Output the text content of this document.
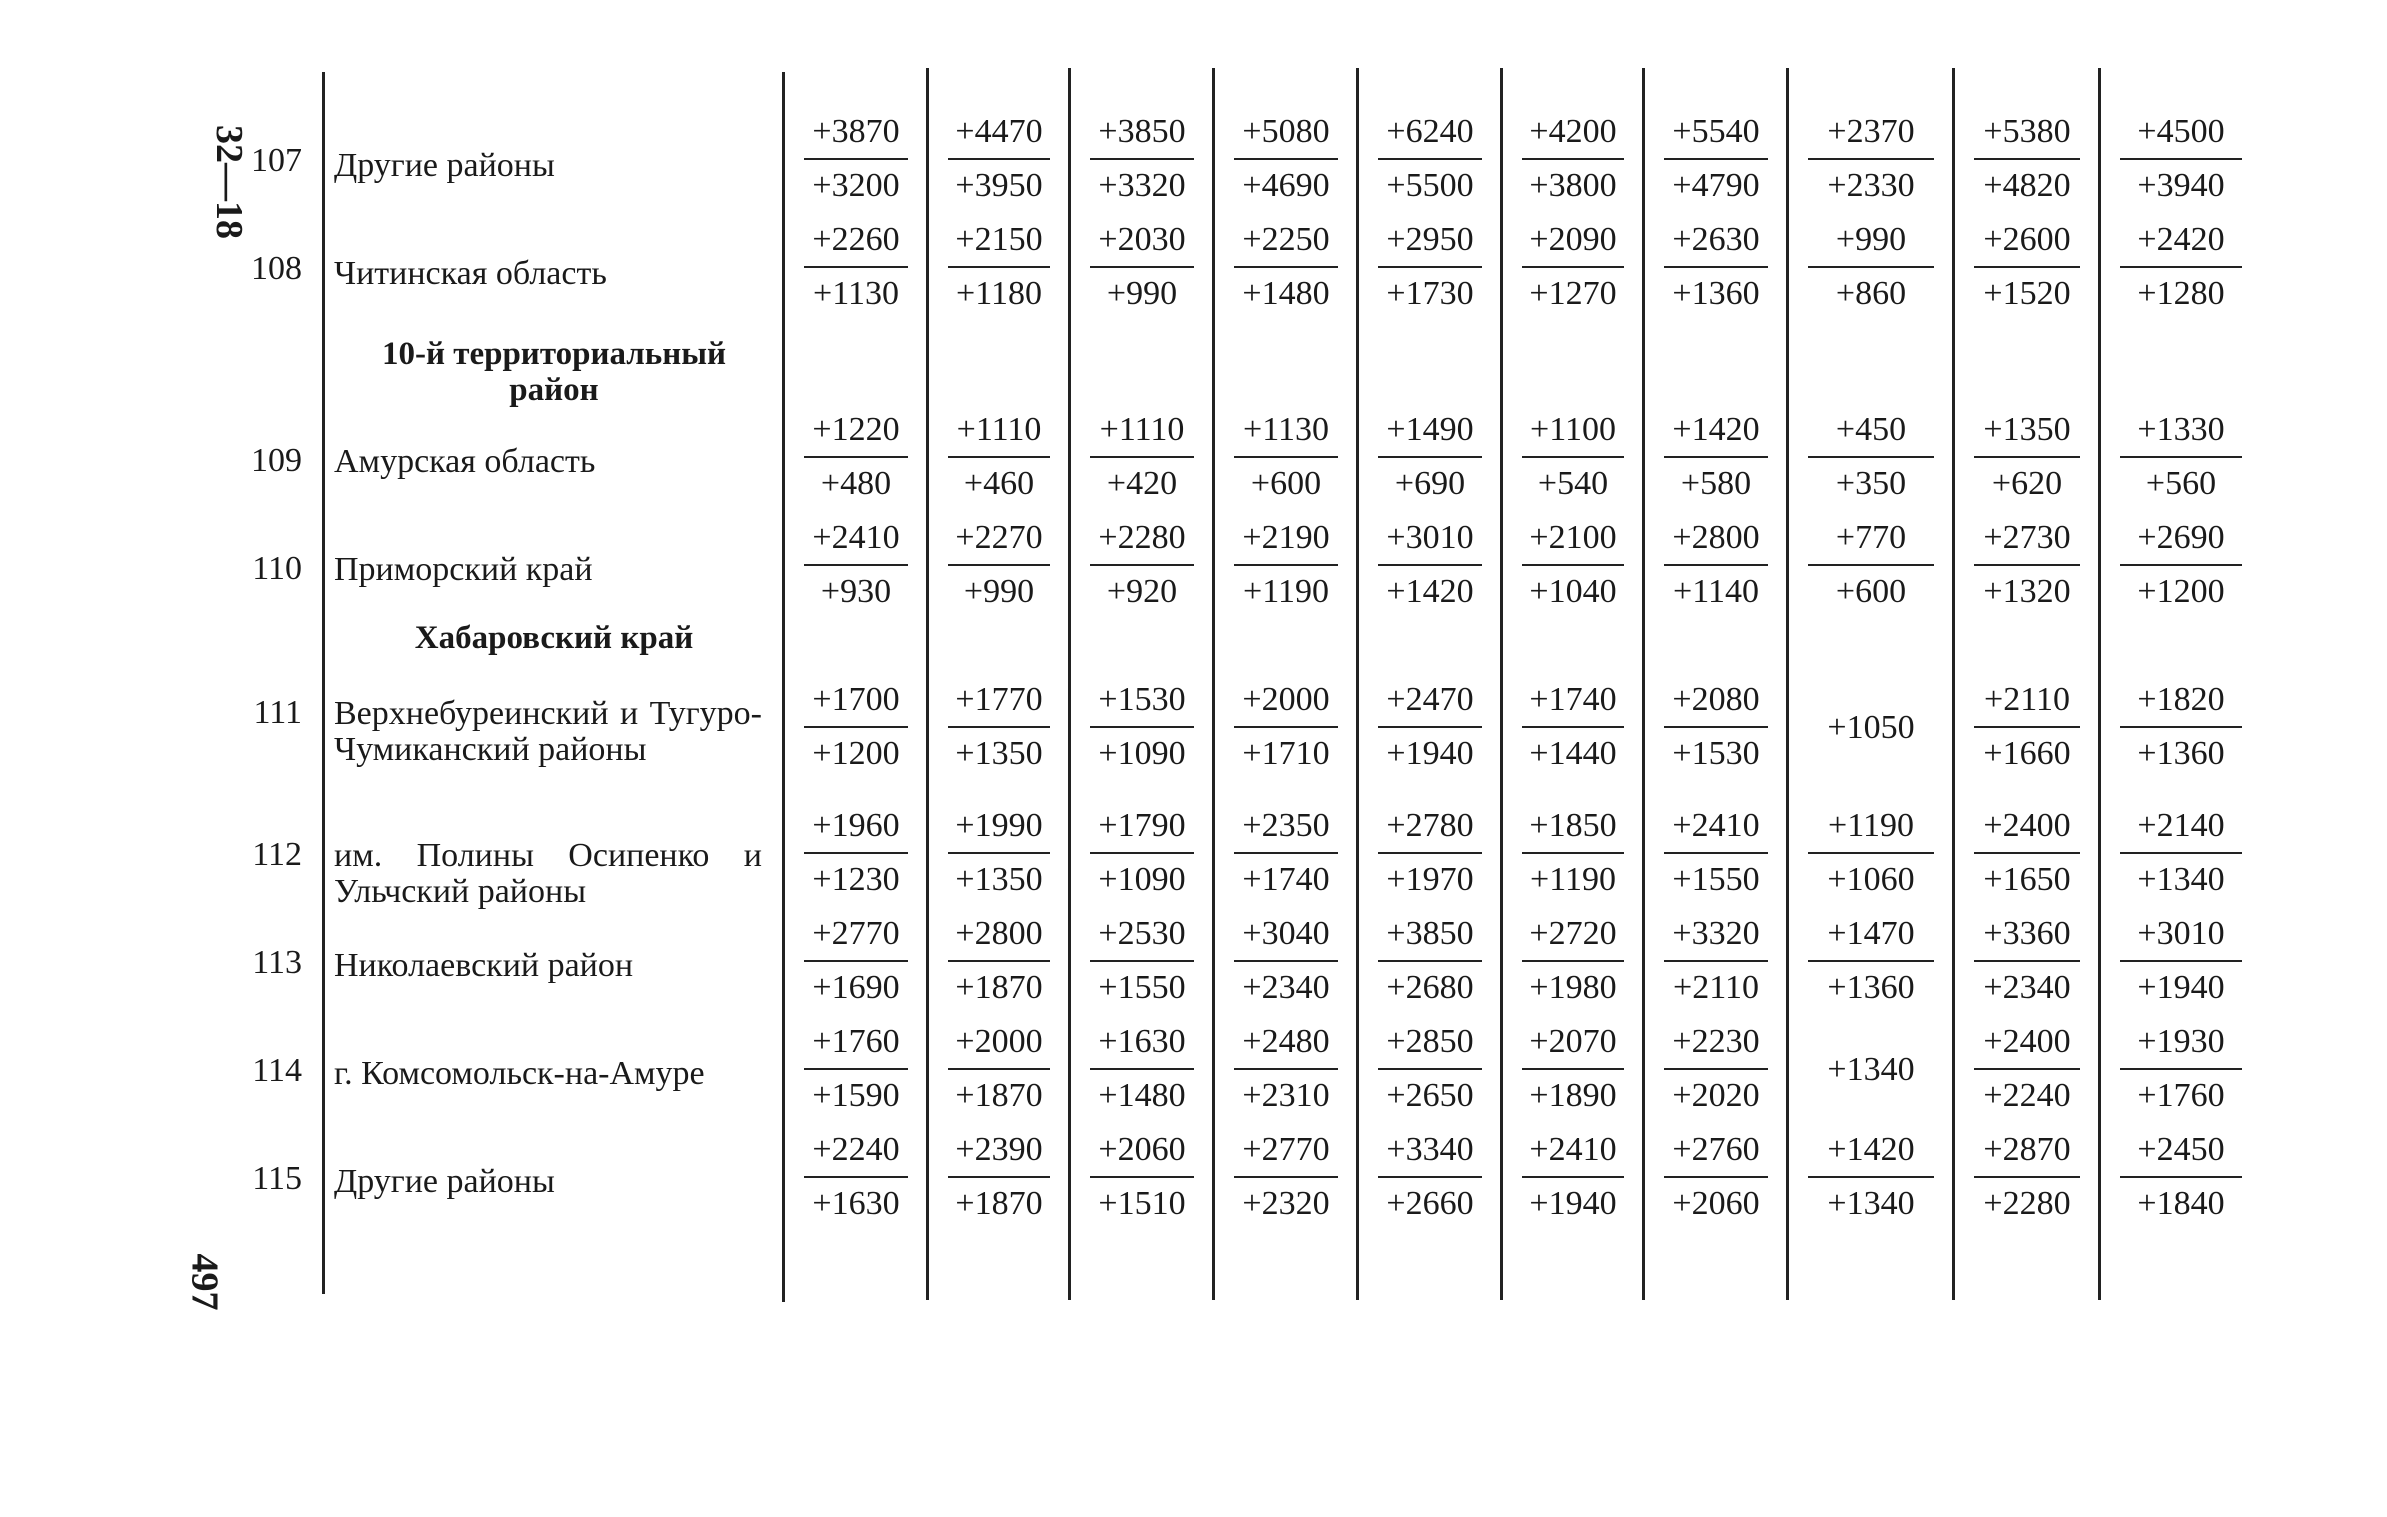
32—18
497
10-й территориальный район
Хабаровский край
107 Другие районы
108 Читинская область
109 Амурская область
110 Приморский край
111 Верхнебуреинский и Тугуро-Чумиканский районы
112 им. Полины Осипенко и Ульчский районы
113 Николаевский район
114 г. Комсомольск-на-Амуре
115 Другие районы
+3870
+3200
+4470
+3950
+3850
+3320
+5080
+4690
+6240
+5500
+4200
+3800
+5540
+4790
+2370
+2330
+5380
+4820
+4500
+3940
+2260
+1130
+2150
+1180
+2030
+990
+2250
+1480
+2950
+1730
+2090
+1270
+2630
+1360
+990
+860
+2600
+1520
+2420
+1280
+1220
+480
+1110
+460
+1110
+420
+1130
+600
+1490
+690
+1100
+540
+1420
+580
+450
+350
+1350
+620
+1330
+560
+2410
+930
+2270
+990
+2280
+920
+2190
+1190
+3010
+1420
+2100
+1040
+2800
+1140
+770
+600
+2730
+1320
+2690
+1200
+1700
+1200
+1770
+1350
+1530
+1090
+2000
+1710
+2470
+1940
+1740
+1440
+2080
+1530
+1050
+2110
+1660
+1820
+1360
+1960
+1230
+1990
+1350
+1790
+1090
+2350
+1740
+2780
+1970
+1850
+1190
+2410
+1550
+1190
+1060
+2400
+1650
+2140
+1340
+2770
+1690
+2800
+1870
+2530
+1550
+3040
+2340
+3850
+2680
+2720
+1980
+3320
+2110
+1470
+1360
+3360
+2340
+3010
+1940
+1760
+1590
+2000
+1870
+1630
+1480
+2480
+2310
+2850
+2650
+2070
+1890
+2230
+2020
+1340
+2400
+2240
+1930
+1760
+2240
+1630
+2390
+1870
+2060
+1510
+2770
+2320
+3340
+2660
+2410
+1940
+2760
+2060
+1420
+1340
+2870
+2280
+2450
+1840
